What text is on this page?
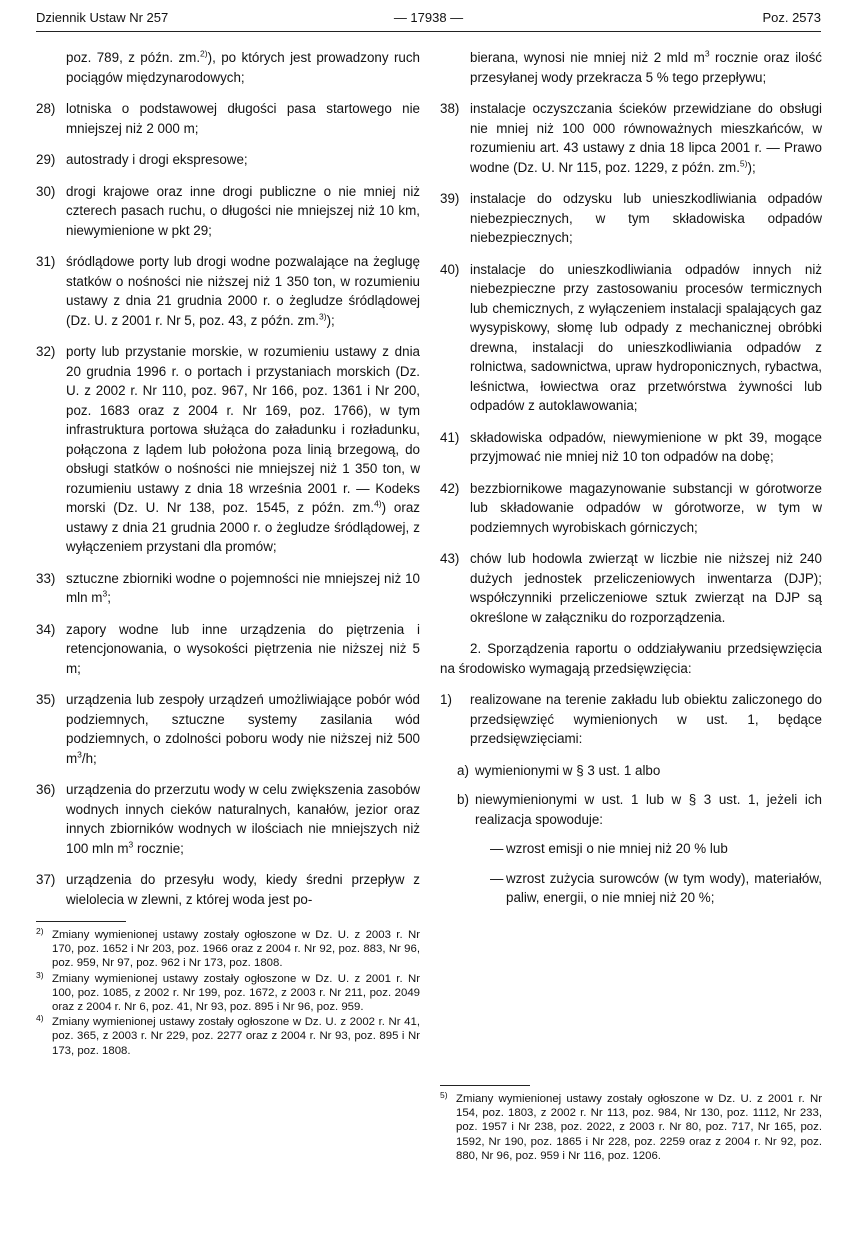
Dziennik Ustaw Nr 257	— 17938 —	Poz. 2573
poz. 789, z późn. zm.$^{2)}$), po których jest prowadzony ruch pociągów międzynarodowych;
28) lotniska o podstawowej długości pasa startowego nie mniejszej niż 2 000 m;
29) autostrady i drogi ekspresowe;
30) drogi krajowe oraz inne drogi publiczne o nie mniej niż czterech pasach ruchu, o długości nie mniejszej niż 10 km, niewymienione w pkt 29;
31) śródlądowe porty lub drogi wodne pozwalające na żeglugę statków o nośności nie niższej niż 1 350 ton, w rozumieniu ustawy z dnia 21 grudnia 2000 r. o żegludze śródlądowej (Dz. U. z 2001 r. Nr 5, poz. 43, z późn. zm.$^{3)}$);
32) porty lub przystanie morskie, w rozumieniu ustawy z dnia 20 grudnia 1996 r. o portach i przystaniach morskich (Dz. U. z 2002 r. Nr 110, poz. 967, Nr 166, poz. 1361 i Nr 200, poz. 1683 oraz z 2004 r. Nr 169, poz. 1766), w tym infrastruktura portowa służąca do załadunku i rozładunku, połączona z lądem lub położona poza linią brzegową, do obsługi statków o nośności nie mniejszej niż 1 350 ton, w rozumieniu ustawy z dnia 18 września 2001 r. — Kodeks morski (Dz. U. Nr 138, poz. 1545, z późn. zm.$^{4)}$) oraz ustawy z dnia 21 grudnia 2000 r. o żegludze śródlądowej, z wyłączeniem przystani dla promów;
33) sztuczne zbiorniki wodne o pojemności nie mniejszej niż 10 mln $m^3$;
34) zapory wodne lub inne urządzenia do piętrzenia i retencjonowania, o wysokości piętrzenia nie niższej niż 5 m;
35) urządzenia lub zespoły urządzeń umożliwiające pobór wód podziemnych, sztuczne systemy zasilania wód podziemnych, o zdolności poboru wody nie niższej niż 500 $m^3/h$;
36) urządzenia do przerzutu wody w celu zwiększenia zasobów wodnych innych cieków naturalnych, kanałów, jezior oraz innych zbiorników wodnych w ilościach nie mniejszych niż 100 mln $m^3$ rocznie;
37) urządzenia do przesyłu wody, kiedy średni przepływ z wielolecia w zlewni, z której woda jest po-
bierana, wynosi nie mniej niż 2 mld $m^3$ rocznie oraz ilość przesyłanej wody przekracza 5 % tego przepływu;
38) instalacje oczyszczania ścieków przewidziane do obsługi nie mniej niż 100 000 równoważnych mieszkańców, w rozumieniu art. 43 ustawy z dnia 18 lipca 2001 r. — Prawo wodne (Dz. U. Nr 115, poz. 1229, z późn. zm.$^{5)}$);
39) instalacje do odzysku lub unieszkodliwiania odpadów niebezpiecznych, w tym składowiska odpadów niebezpiecznych;
40) instalacje do unieszkodliwiania odpadów innych niż niebezpieczne przy zastosowaniu procesów termicznych lub chemicznych, z wyłączeniem instalacji spalających gaz wysypiskowy, słomę lub odpady z mechanicznej obróbki drewna, instalacji do unieszkodliwiania odpadów z rolnictwa, sadownictwa, upraw hydroponicznych, rybactwa, leśnictwa, łowiectwa oraz przetwórstwa żywności lub odpadów z autoklawowania;
41) składowiska odpadów, niewymienione w pkt 39, mogące przyjmować nie mniej niż 10 ton odpadów na dobę;
42) bezzbiornikowe magazynowanie substancji w górotworze lub składowanie odpadów w górotworze, w tym w podziemnych wyrobiskach górniczych;
43) chów lub hodowla zwierząt w liczbie nie niższej niż 240 dużych jednostek przeliczeniowych inwentarza (DJP); współczynniki przeliczeniowe sztuk zwierząt na DJP są określone w załączniku do rozporządzenia.
2. Sporządzenia raportu o oddziaływaniu przedsięwzięcia na środowisko wymagają przedsięwzięcia:
1) realizowane na terenie zakładu lub obiektu zaliczonego do przedsięwzięć wymienionych w ust. 1, będące przedsięwzięciami:
a) wymienionymi w § 3 ust. 1 albo
b) niewymienionymi w ust. 1 lub w § 3 ust. 1, jeżeli ich realizacja spowoduje:
— wzrost emisji o nie mniej niż 20 % lub
— wzrost zużycia surowców (w tym wody), materiałów, paliw, energii, o nie mniej niż 20 %;
2) Zmiany wymienionej ustawy zostały ogłoszone w Dz. U. z 2003 r. Nr 170, poz. 1652 i Nr 203, poz. 1966 oraz z 2004 r. Nr 92, poz. 883, Nr 96, poz. 959, Nr 97, poz. 962 i Nr 173, poz. 1808.
3) Zmiany wymienionej ustawy zostały ogłoszone w Dz. U. z 2001 r. Nr 100, poz. 1085, z 2002 r. Nr 199, poz. 1672, z 2003 r. Nr 211, poz. 2049 oraz z 2004 r. Nr 6, poz. 41, Nr 93, poz. 895 i Nr 96, poz. 959.
4) Zmiany wymienionej ustawy zostały ogłoszone w Dz. U. z 2002 r. Nr 41, poz. 365, z 2003 r. Nr 229, poz. 2277 oraz z 2004 r. Nr 93, poz. 895 i Nr 173, poz. 1808.
5) Zmiany wymienionej ustawy zostały ogłoszone w Dz. U. z 2001 r. Nr 154, poz. 1803, z 2002 r. Nr 113, poz. 984, Nr 130, poz. 1112, Nr 233, poz. 1957 i Nr 238, poz. 2022, z 2003 r. Nr 80, poz. 717, Nr 165, poz. 1592, Nr 190, poz. 1865 i Nr 228, poz. 2259 oraz z 2004 r. Nr 92, poz. 880, Nr 96, poz. 959 i Nr 116, poz. 1206.
